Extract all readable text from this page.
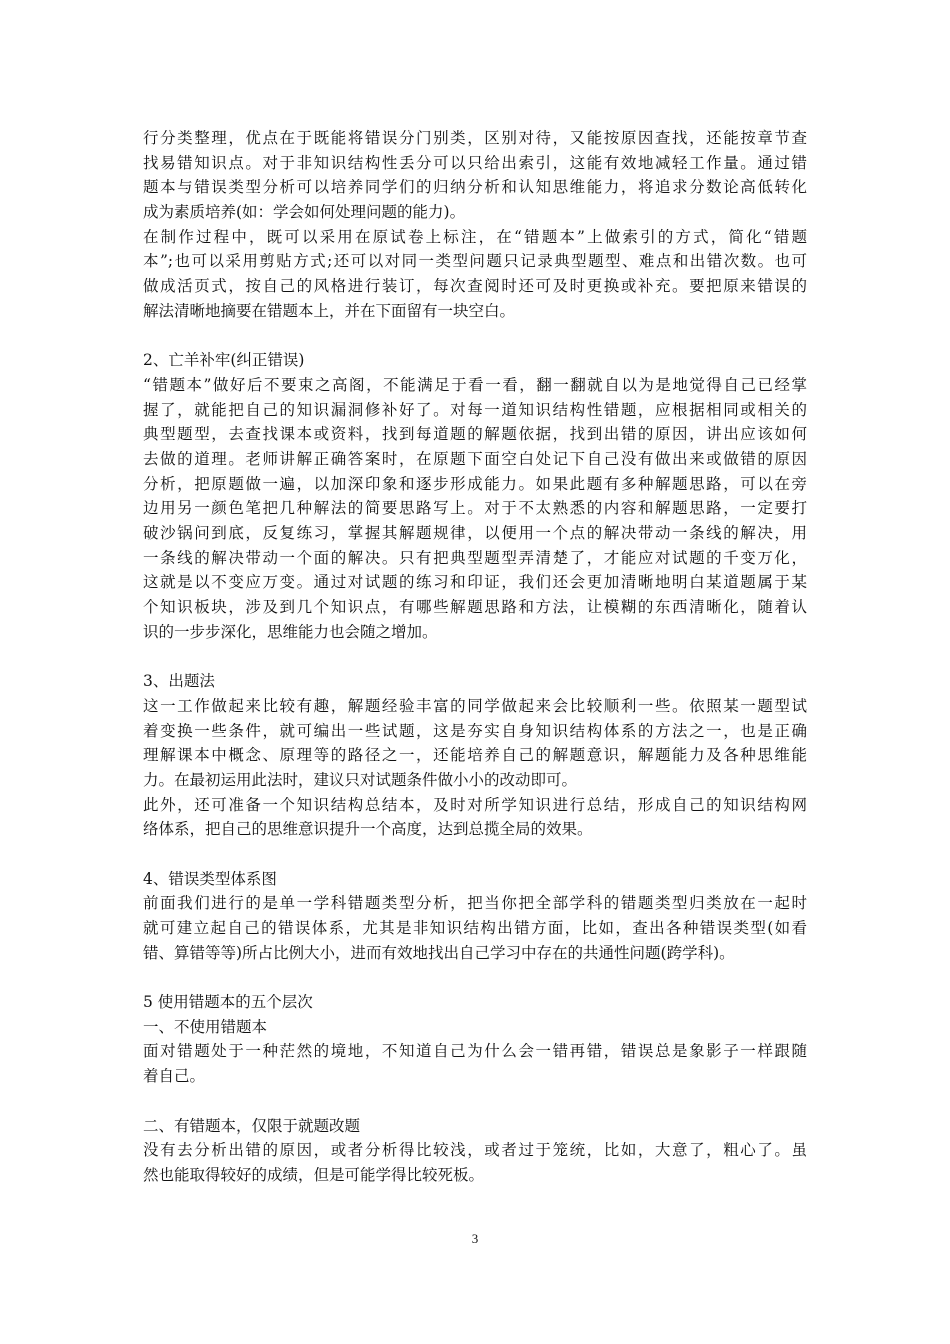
行分类整理，优点在于既能将错误分门别类，区别对待，又能按原因查找，还能按章节查
找易错知识点。对于非知识结构性丢分可以只给出索引，这能有效地减轻工作量。通过错
题本与错误类型分析可以培养同学们的归纳分析和认知思维能力，将追求分数论高低转化
成为素质培养(如：学会如何处理问题的能力)。
在制作过程中，既可以采用在原试卷上标注，在“错题本”上做索引的方式，简化“错题
本”;也可以采用剪贴方式;还可以对同一类型问题只记录典型题型、难点和出错次数。也可
做成活页式，按自己的风格进行装订，每次查阅时还可及时更换或补充。要把原来错误的
解法清晰地摘要在错题本上，并在下面留有一块空白。
2、亡羊补牢(纠正错误)
“错题本”做好后不要束之高阁，不能满足于看一看，翻一翻就自以为是地觉得自己已经掌
握了，就能把自己的知识漏洞修补好了。对每一道知识结构性错题，应根据相同或相关的
典型题型，去查找课本或资料，找到每道题的解题依据，找到出错的原因，讲出应该如何
去做的道理。老师讲解正确答案时，在原题下面空白处记下自己没有做出来或做错的原因
分析，把原题做一遍，以加深印象和逐步形成能力。如果此题有多种解题思路，可以在旁
边用另一颜色笔把几种解法的简要思路写上。对于不太熟悉的内容和解题思路，一定要打
破沙锅问到底，反复练习，掌握其解题规律，以便用一个点的解决带动一条线的解决，用
一条线的解决带动一个面的解决。只有把典型题型弄清楚了，才能应对试题的千变万化，
这就是以不变应万变。通过对试题的练习和印证，我们还会更加清晰地明白某道题属于某
个知识板块，涉及到几个知识点，有哪些解题思路和方法，让模糊的东西清晰化，随着认
识的一步步深化，思维能力也会随之增加。
3、出题法
这一工作做起来比较有趣，解题经验丰富的同学做起来会比较顺利一些。依照某一题型试
着变换一些条件，就可编出一些试题，这是夯实自身知识结构体系的方法之一，也是正确
理解课本中概念、原理等的路径之一，还能培养自己的解题意识，解题能力及各种思维能
力。在最初运用此法时，建议只对试题条件做小小的改动即可。
此外，还可准备一个知识结构总结本，及时对所学知识进行总结，形成自己的知识结构网
络体系，把自己的思维意识提升一个高度，达到总揽全局的效果。
4、错误类型体系图
前面我们进行的是单一学科错题类型分析，把当你把全部学科的错题类型归类放在一起时
就可建立起自己的错误体系，尤其是非知识结构出错方面，比如，查出各种错误类型(如看
错、算错等等)所占比例大小，进而有效地找出自己学习中存在的共通性问题(跨学科)。
5 使用错题本的五个层次
一、不使用错题本
面对错题处于一种茫然的境地，不知道自己为什么会一错再错，错误总是象影子一样跟随
着自己。
二、有错题本，仅限于就题改题
没有去分析出错的原因，或者分析得比较浅，或者过于笼统，比如，大意了，粗心了。虽
然也能取得较好的成绩，但是可能学得比较死板。
3
